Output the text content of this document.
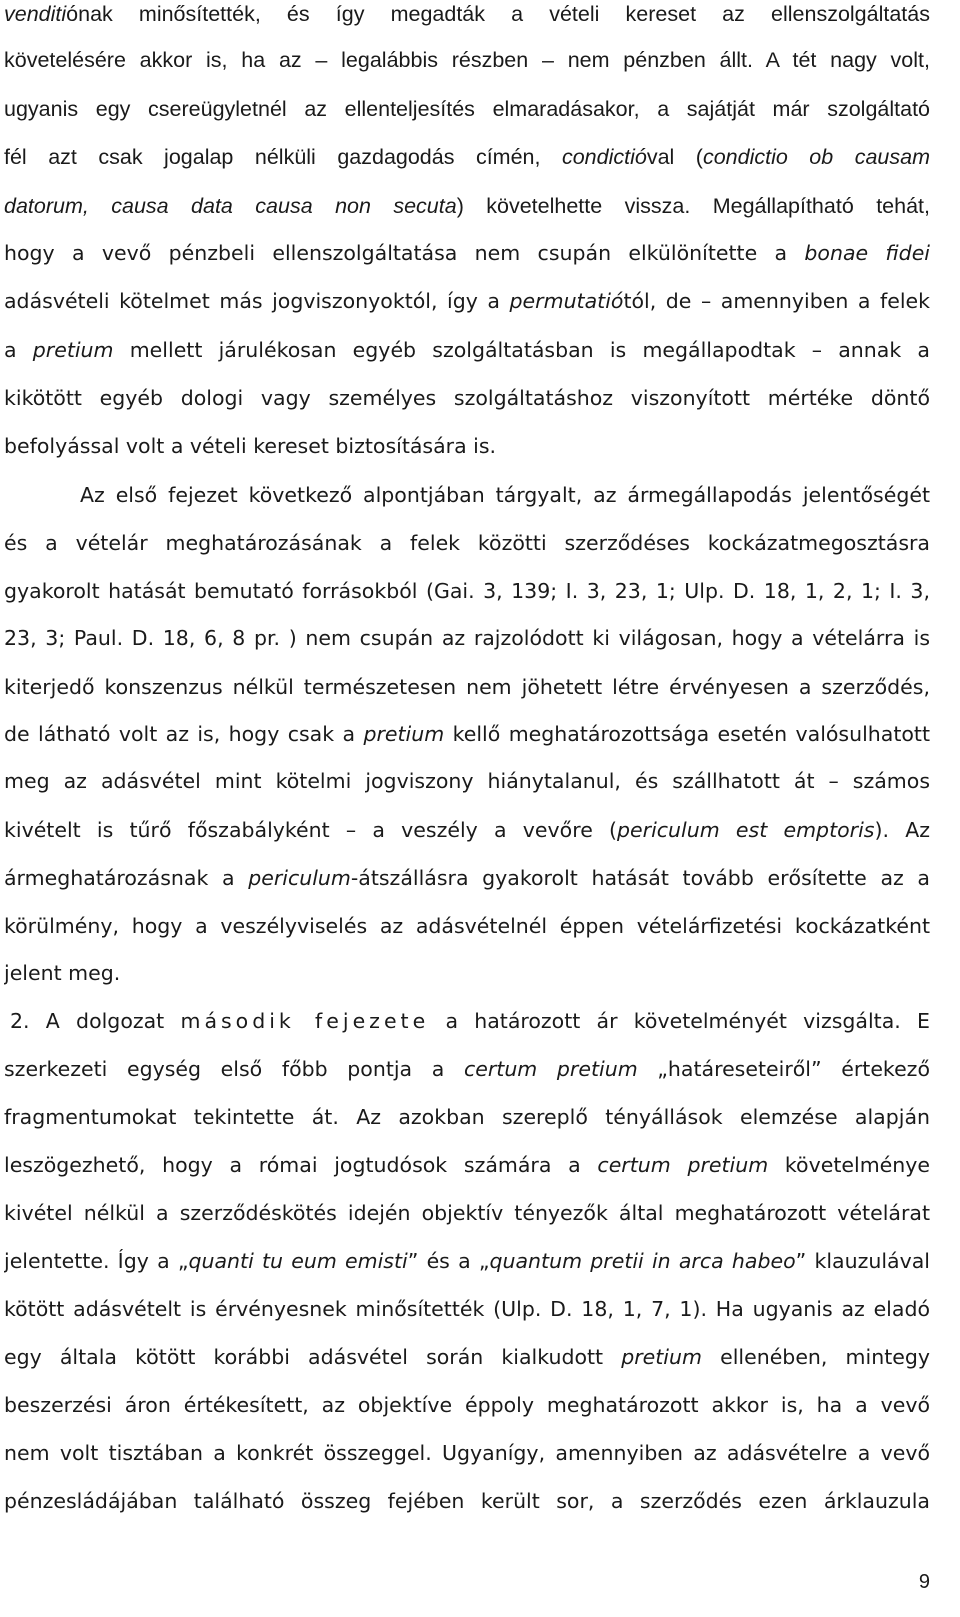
venditiónak minősítették, és így megadták a vételi kereset az ellenszolgáltatás
követelésére akkor is, ha az – legalábbis részben – nem pénzben állt. A tét nagy volt,
ugyanis egy csereügyletnél az ellenteljesítés elmaradásakor, a sajátját már szolgáltató
fél azt csak jogalap nélküli gazdagodás címén, condictióval (condictio ob causam
datorum, causa data causa non secuta) követelhette vissza. Megállapítható tehát,
hogy a vevő pénzbeli ellenszolgáltatása nem csupán elkülönítette a bonae fidei
adásvételi kötelmet más jogviszonyoktól, így a permutatiótól, de – amennyiben a felek
a pretium mellett járulékosan egyéb szolgáltatásban is megállapodtak – annak a
kikötött egyéb dologi vagy személyes szolgáltatáshoz viszonyított mértéke döntő
befolyással volt a vételi kereset biztosítására is.
Az első fejezet következő alpontjában tárgyalt, az ármegállapodás jelentőségét
és a vételár meghatározásának a felek közötti szerződéses kockázatmegosztásra
gyakorolt hatását bemutató forrásokból (Gai. 3, 139; I. 3, 23, 1; Ulp. D. 18, 1, 2, 1; I. 3,
23, 3; Paul. D. 18, 6, 8 pr. ) nem csupán az rajzolódott ki világosan, hogy a vételárra is
kiterjedő konszenzus nélkül természetesen nem jöhetett létre érvényesen a szerződés,
de látható volt az is, hogy csak a pretium kellő meghatározottsága esetén valósulhatott
meg az adásvétel mint kötelmi jogviszony hiánytalanul, és szállhatott át – számos
kivételt is tűrő főszabályként – a veszély a vevőre (periculum est emptoris). Az
ármeghatározásnak a periculum-átszállásra gyakorolt hatását tovább erősítette az a
körülmény, hogy a veszélyviselés az adásvételnél éppen vételárfizetési kockázatként
jelent meg.
2. A dolgozat második fejezete a határozott ár követelményét vizsgálta. E
szerkezeti egység első főbb pontja a certum pretium „határeseteiről” értekező
fragmentumokat tekintette át. Az azokban szereplő tényállások elemzése alapján
leszögezhető, hogy a római jogtudósok számára a certum pretium követelménye
kivétel nélkül a szerződéskötés idején objektív tényezők által meghatározott vételárat
jelentette. Így a „quanti tu eum emisti” és a „quantum pretii in arca habeo” klauzulával
kötött adásvételt is érvényesnek minősítették (Ulp. D. 18, 1, 7, 1). Ha ugyanis az eladó
egy általa kötött korábbi adásvétel során kialkudott pretium ellenében, mintegy
beszerzési áron értékesített, az objektíve éppoly meghatározott akkor is, ha a vevő
nem volt tisztában a konkrét összeggel. Ugyanígy, amennyiben az adásvételre a vevő
pénzesládájában található összeg fejében került sor, a szerződés ezen árklauzula
9
